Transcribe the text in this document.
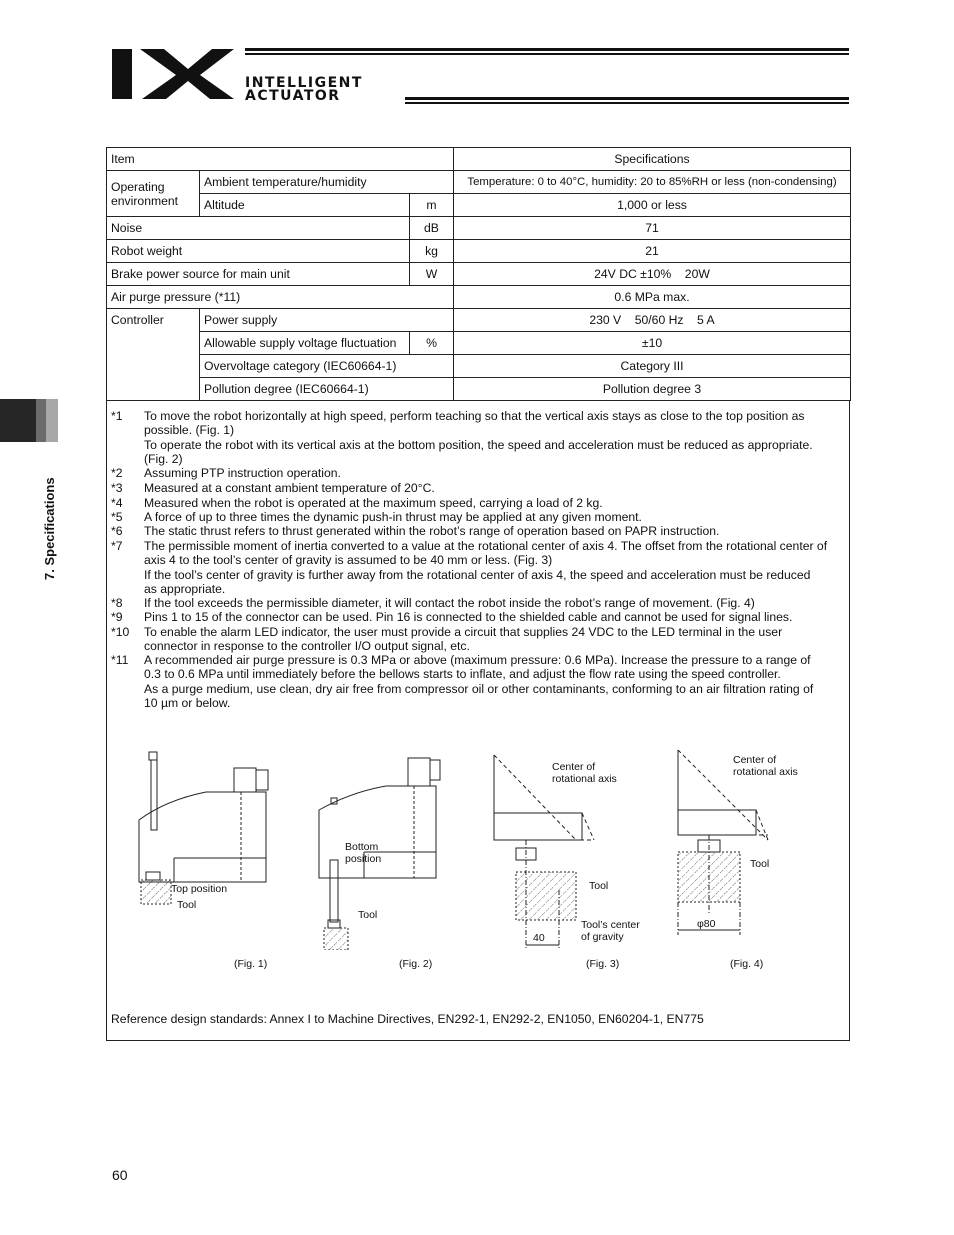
INTELLIGENT
ACTUATOR
7. Specifications
Item			Specifications
Operating environment	Ambient temperature/humidity		Temperature: 0 to 40°C, humidity: 20 to 85%RH or less (non-condensing)
	Altitude	m	1,000 or less
Noise		dB	71
Robot weight		kg	21
Brake power source for main unit		W	24V DC ±10%    20W
Air purge pressure (*11)			0.6 MPa max.
Controller	Power supply		230 V    50/60 Hz    5 A
	Allowable supply voltage fluctuation	%	±10
	Overvoltage category (IEC60664-1)		Category III
	Pollution degree (IEC60664-1)		Pollution degree 3
*1 To move the robot horizontally at high speed, perform teaching so that the vertical axis stays as close to the top position as
possible. (Fig. 1)
To operate the robot with its vertical axis at the bottom position, the speed and acceleration must be reduced as appropriate.
(Fig. 2)
*2 Assuming PTP instruction operation.
*3 Measured at a constant ambient temperature of 20°C.
*4 Measured when the robot is operated at the maximum speed, carrying a load of 2 kg.
*5 A force of up to three times the dynamic push-in thrust may be applied at any given moment.
*6 The static thrust refers to thrust generated within the robot’s range of operation based on PAPR instruction.
*7 The permissible moment of inertia converted to a value at the rotational center of axis 4. The offset from the rotational center of
axis 4 to the tool’s center of gravity is assumed to be 40 mm or less. (Fig. 3)
If the tool’s center of gravity is further away from the rotational center of axis 4, the speed and acceleration must be reduced
as appropriate.
*8 If the tool exceeds the permissible diameter, it will contact the robot inside the robot’s range of movement. (Fig. 4)
*9 Pins 1 to 15 of the connector can be used. Pin 16 is connected to the shielded cable and cannot be used for signal lines.
*10 To enable the alarm LED indicator, the user must provide a circuit that supplies 24 VDC to the LED terminal in the user
connector in response to the controller I/O output signal, etc.
*11 A recommended air purge pressure is 0.3 MPa or above (maximum pressure: 0.6 MPa). Increase the pressure to a range of
0.3 to 0.6 MPa until immediately before the bellows starts to inflate, and adjust the flow rate using the speed controller.
As a purge medium, use clean, dry air free from compressor oil or other contaminants, conforming to an air filtration rating of
10 µm or below.
Top position
Tool
(Fig. 1)
Bottom
position
Tool
(Fig. 2)
Center of
rotational axis
Tool
Tool’s center
of gravity
40
(Fig. 3)
Center of
rotational axis
Tool
φ80
(Fig. 4)
Reference design standards: Annex I to Machine Directives, EN292-1, EN292-2, EN1050, EN60204-1, EN775
60
